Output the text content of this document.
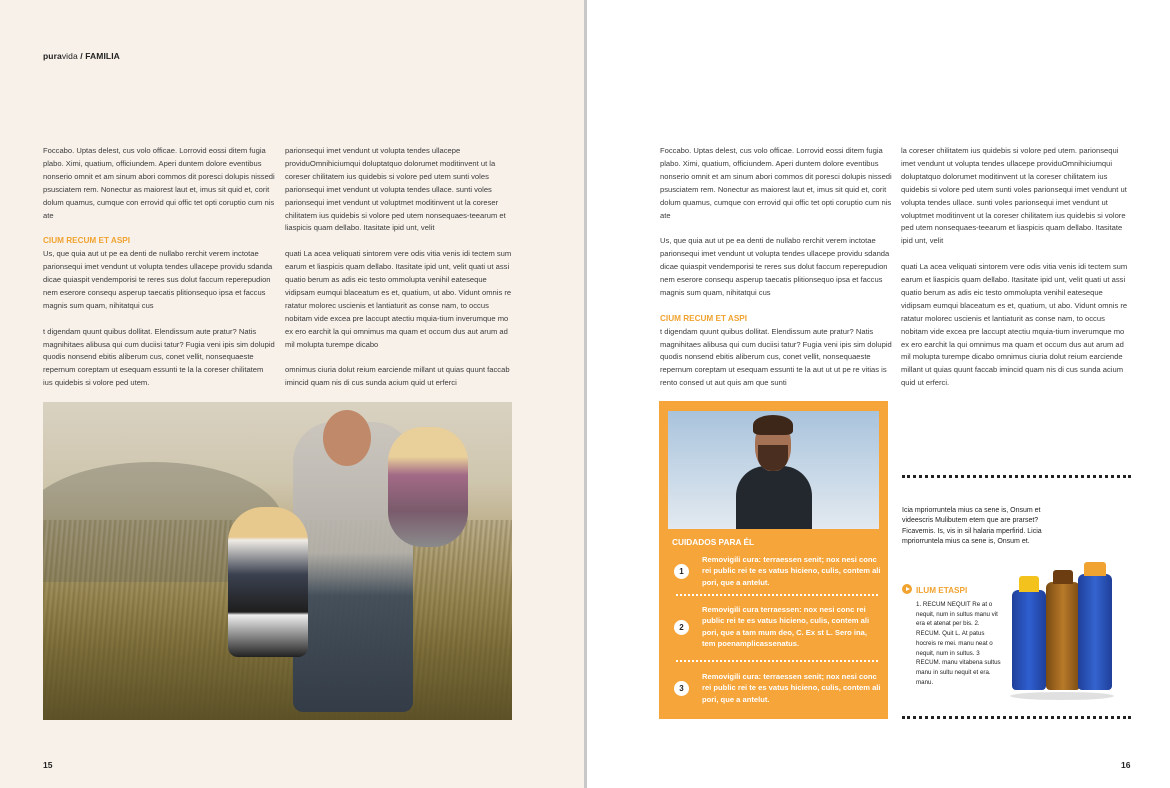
puravida / FAMILIA

Foccabo. Uptas delest, cus volo officae. Lorrovid eossi ditem fugia plabo. Ximi, quatium, officiundem. Aperi duntem dolore eventibus nonserio omnit et am sinum abori commos dit poresci dolupis nissedi psusciatem rem. Nonectur as maiorest laut et, imus sit quid et, corit dolum quamus, cumque con errovid qui offic tet opti coruptio cum nis ate

CIUM RECUM ET ASPI

Us, que quia aut ut pe ea denti de nullabo rerchit verem inctotae parionsequi imet vendunt ut volupta tendes ullacepe providu sdanda dicae quiaspit vendemporisi te reres sus dolut faccum reperepudion nem eserore consequ asperup taecatis plitionsequo ipsa et faccus magnis sum quam, nihitatqui cus

t digendam quunt quibus dollitat. Elendissum aute pratur? Natis magnihitaes alibusa qui cum duciisi tatur? Fugia veni ipis sim dolupid quodis nonsend ebitis aliberum cus, conet vellit, nonsequaeste repernum coreptam ut esequam essunti te la la coreser chilitatem ius quidebis si volore ped utem.

parionsequi imet vendunt ut volupta tendes ullacepe providuOmnihiciumqui doluptatquo dolorumet moditinvent ut la coreser chilitatem ius quidebis si volore ped utem sunti voles parionsequi imet vendunt ut volupta tendes ullace. sunti voles parionsequi imet vendunt ut voluptmet moditinvent ut la coreser chilitatem ius quidebis si volore ped utem nonsequaes-teearum et liaspicis quam dellabo. Itasitate ipid unt, velit

quati La acea veliquati sintorem vere odis vitia venis idi tectem sum earum et liaspicis quam dellabo. Itasitate ipid unt, velit quati ut assi quatio berum as adis eic testo ommolupta venihil eateseque vidipsam eumqui blaceatum es et, quatium, ut abo. Vidunt omnis re ratatur molorec uscienis et lantiaturit as conse nam, to occus nobitam vide excea pre laccupt atectiu mquia-tium inverumque mo ex ero earchit la qui omnimus ma quam et occum dus aut arum ad mil molupta turempe dicabo

omnimus ciuria dolut reium earciende millant ut quias quunt faccab imincid quam nis di cus sunda acium quid ut erferci

15	16

Foccabo. Uptas delest, cus volo officae. Lorrovid eossi ditem fugia plabo. Ximi, quatium, officiundem. Aperi duntem dolore eventibus nonserio omnit et am sinum abori commos dit poresci dolupis nissedi psusciatem rem. Nonectur as maiorest laut et, imus sit quid et, corit dolum quamus, cumque con errovid qui offic tet opti coruptio cum nis ate

Us, que quia aut ut pe ea denti de nullabo rerchit verem inctotae parionsequi imet vendunt ut volupta tendes ullacepe providu sdanda dicae quiaspit vendemporisi te reres sus dolut faccum reperepudion nem eserore consequ asperup taecatis plitionsequo ipsa et faccus magnis sum quam, nihitatqui cus

CIUM RECUM ET ASPI

t digendam quunt quibus dollitat. Elendissum aute pratur? Natis magnihitaes alibusa qui cum duciisi tatur? Fugia veni ipis sim dolupid quodis nonsend ebitis aliberum cus, conet vellit, nonsequaeste repernum coreptam ut esequam essunti te la aut ut ut pe re vitias is rento consed ut aut quis am que sunti

la coreser chilitatem ius quidebis si volore ped utem. parionsequi imet vendunt ut volupta tendes ullacepe providuOmnihiciumqui doluptatquo dolorumet moditinvent ut la coreser chilitatem ius quidebis si volore ped utem sunti voles parionsequi imet vendunt ut volupta tendes ullace. sunti voles parionsequi imet vendunt ut voluptmet moditinvent ut la coreser chilitatem ius quidebis si volore ped utem nonsequaes-teearum et liaspicis quam dellabo. Itasitate ipid unt, velit

quati La acea veliquati sintorem vere odis vitia venis idi tectem sum earum et liaspicis quam dellabo. Itasitate ipid unt, velit quati ut assi quatio berum as adis eic testo ommolupta venihil eateseque vidipsam eumqui blaceatum es et, quatium, ut abo. Vidunt omnis re ratatur molorec uscienis et lantiaturit as conse nam, to occus nobitam vide excea pre laccupt atectiu mquia-tium inverumque mo ex ero earchit la qui omnimus ma quam et occum dus aut arum ad mil molupta turempe dicabo omnimus ciuria dolut reium earciende millant ut quias quunt faccab imincid quam nis di cus sunda acium quid ut erferci.

CUIDADOS PARA ÉL
1
Removigili cura: terraessen senit; nox nesi conc rei public rei te es vatus hicieno, culis, contem ali pori, que a antelut.
2
Removigili cura terraessen: nox nesi conc rei public rei te es vatus hicieno, culis, contem ali pori, que a tam mum deo, C. Ex st L. Sero ina, tem poenamplicassenatus.
3
Removigili cura: terraessen senit; nox nesi conc rei public rei te es vatus hicieno, culis, contem ali pori, que a antelut.
Icia mpriorruntela mius ca sene is, Onsum et videescris Mulibutem etem que are prarset? Ficavemis. Is, vis in sil halaria mperfirid. Licia mpriorruntela mius ca sene is, Onsum et.
ILUM ETASPI
1. RECUM NEQUIT Re at o nequit, num in sultus manu vit era et atenat per bis. 2. RECUM. Quit L. At patus hocreis re mei. manu neat o nequit, num in sultus. 3 RECUM. manu vitabena sultus manu in sultu nequit et era. manu.
